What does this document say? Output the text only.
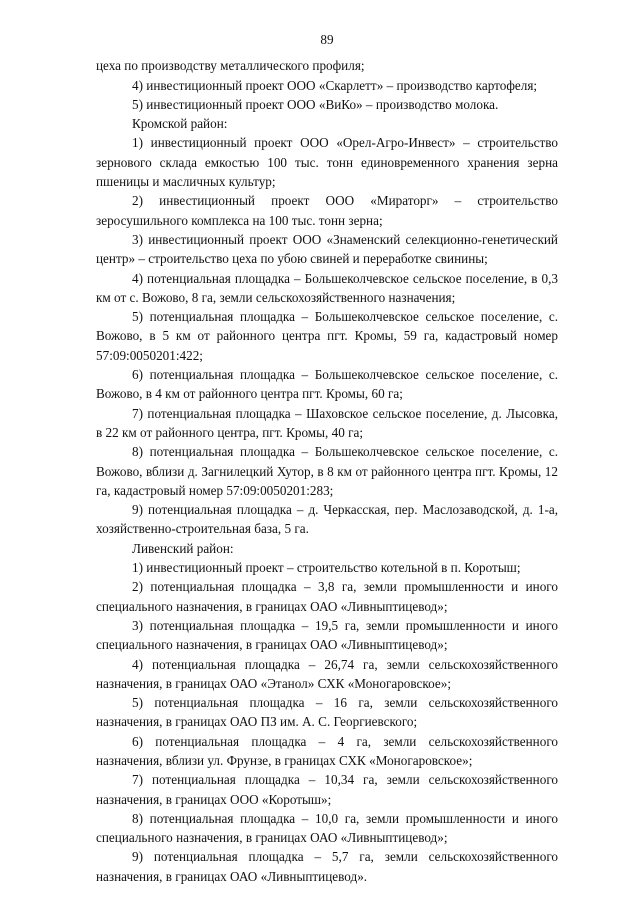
89

цеха по производству металлического профиля;

4) инвестиционный проект ООО «Скарлетт» – производство картофеля;

5) инвестиционный проект ООО «ВиКо» – производство молока.

Кромской район:

1) инвестиционный проект ООО «Орел-Агро-Инвест» – строительство зернового склада емкостью 100 тыс. тонн единовременного хранения зерна пшеницы и масличных культур;

2) инвестиционный проект ООО «Мираторг» – строительство зеросушильного комплекса на 100 тыс. тонн зерна;

3) инвестиционный проект ООО «Знаменский селекционно-генетический центр» – строительство цеха по убою свиней и переработке свинины;

4) потенциальная площадка – Большеколчевское сельское поселение, в 0,3 км от с. Вожово, 8 га, земли сельскохозяйственного назначения;

5) потенциальная площадка – Большеколчевское сельское поселение, с. Вожово, в 5 км от районного центра пгт. Кромы, 59 га, кадастровый номер 57:09:0050201:422;

6) потенциальная площадка – Большеколчевское сельское поселение, с. Вожово, в 4 км от районного центра пгт. Кромы, 60 га;

7) потенциальная площадка – Шаховское сельское поселение, д. Лысовка, в 22 км от районного центра, пгт. Кромы, 40 га;

8) потенциальная площадка – Большеколчевское сельское поселение, с. Вожово, вблизи д. Загнилецкий Хутор, в 8 км от районного центра пгт. Кромы, 12 га, кадастровый номер 57:09:0050201:283;

9) потенциальная площадка – д. Черкасская, пер. Маслозаводской, д. 1-а, хозяйственно-строительная база, 5 га.

Ливенский район:

1) инвестиционный проект – строительство котельной в п. Коротыш;

2) потенциальная площадка – 3,8 га, земли промышленности и иного специального назначения, в границах ОАО «Ливныптицевод»;

3) потенциальная площадка – 19,5 га, земли промышленности и иного специального назначения, в границах ОАО «Ливныптицевод»;

4) потенциальная площадка – 26,74 га, земли сельскохозяйственного назначения, в границах ОАО «Этанол» СХК «Моногаровское»;

5) потенциальная площадка – 16 га, земли сельскохозяйственного назначения, в границах ОАО ПЗ им. А. С. Георгиевского;

6) потенциальная площадка – 4 га, земли сельскохозяйственного назначения, вблизи ул. Фрунзе, в границах СХК «Моногаровское»;

7) потенциальная площадка – 10,34 га, земли сельскохозяйственного назначения, в границах ООО «Коротыш»;

8) потенциальная площадка – 10,0 га, земли промышленности и иного специального назначения, в границах ОАО «Ливныптицевод»;

9) потенциальная площадка – 5,7 га, земли сельскохозяйственного назначения, в границах ОАО «Ливныптицевод».
